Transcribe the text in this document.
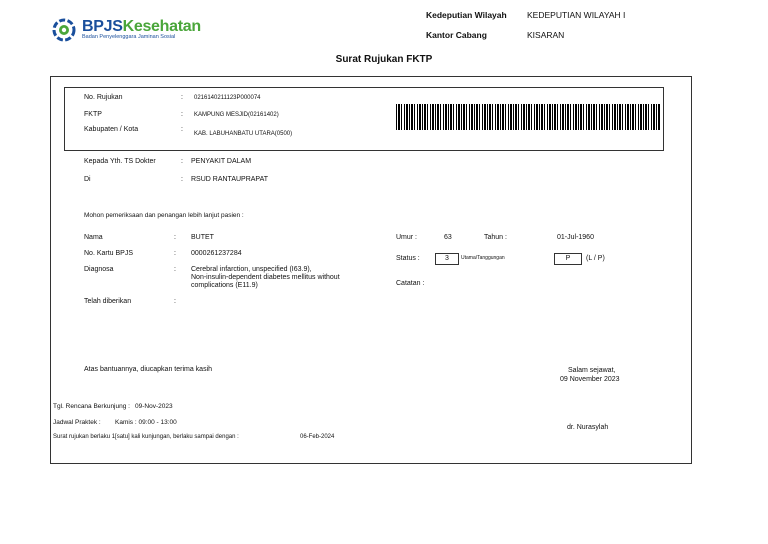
BPJSKesehatan
Badan Penyelenggara Jaminan Sosial
Kedeputian Wilayah KEDEPUTIAN WILAYAH I
Kantor Cabang	KISARAN
Surat Rujukan FKTP
No. Rujukan	: 0216140211123P000074
FKTP	: KAMPUNG MESJID(02161402)
Kabupaten / Kota	:
KAB. LABUHANBATU UTARA(0500)
Kepada Yth. TS Dokter	: PENYAKIT DALAM
Di	: RSUD RANTAUPRAPAT
Mohon pemeriksaan dan penangan lebih lanjut pasien :
Nama	: BUTET
No. Kartu BPJS	: 0000261237284
Diagnosa	: Cerebral infarction, unspecified (I63.9),
Non-insulin-dependent diabetes mellitus without
complications (E11.9)
Telah diberikan	:
Umur :	63	Tahun :	01-Jul-1960
Status :	3	Utama/Tanggungan	P	(L / P)
Catatan :
Atas bantuannya, diucapkan terima kasih	Salam sejawat,
09 November 2023
dr. Nurasylah
Tgl. Rencana Berkunjung : 09-Nov-2023
Jadwal Praktek : Kamis : 09:00 - 13:00
Surat rujukan berlaku 1[satu] kali kunjungan, berlaku sampai dengan :	06-Feb-2024
